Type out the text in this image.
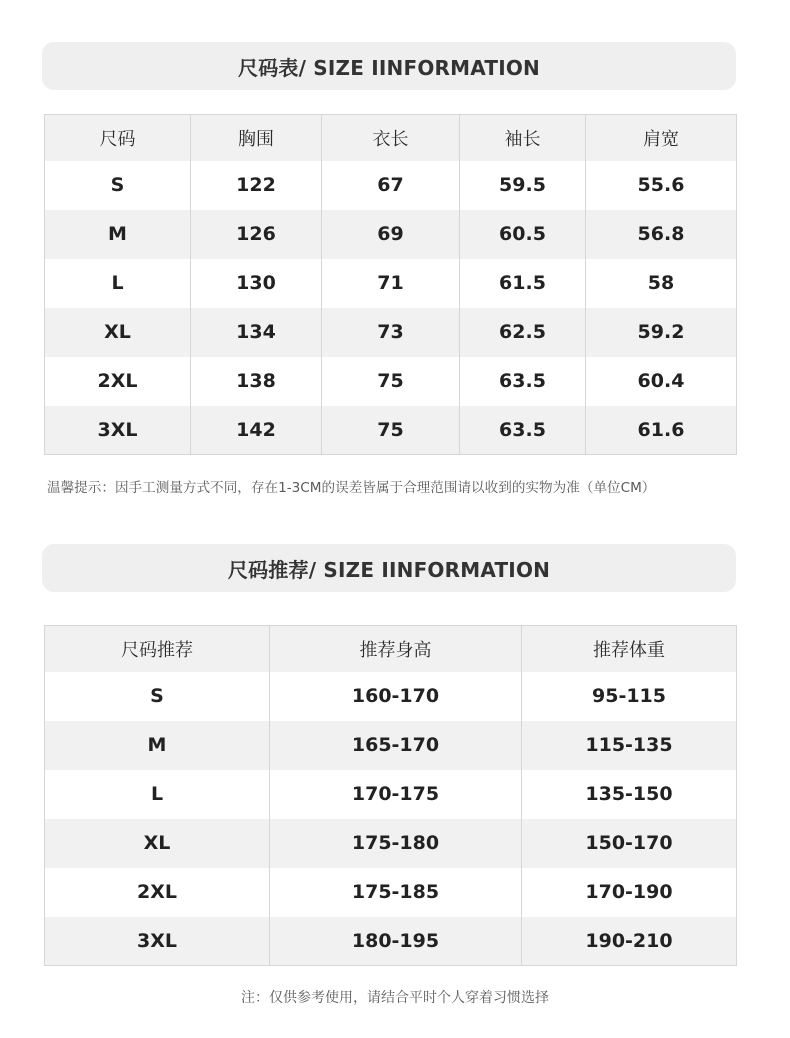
尺码表/ SIZE IINFORMATION
尺码	胸围	衣长	袖长	肩宽
S	122	67	59.5	55.6
M	126	69	60.5	56.8
L	130	71	61.5	58
XL	134	73	62.5	59.2
2XL	138	75	63.5	60.4
3XL	142	75	63.5	61.6
温馨提示：因手工测量方式不同，存在1-3CM的误差皆属于合理范围请以收到的实物为准（单位CM）
尺码推荐/ SIZE IINFORMATION
尺码推荐	推荐身高	推荐体重
S	160-170	95-115
M	165-170	115-135
L	170-175	135-150
XL	175-180	150-170
2XL	175-185	170-190
3XL	180-195	190-210
注：仅供参考使用，请结合平时个人穿着习惯选择
